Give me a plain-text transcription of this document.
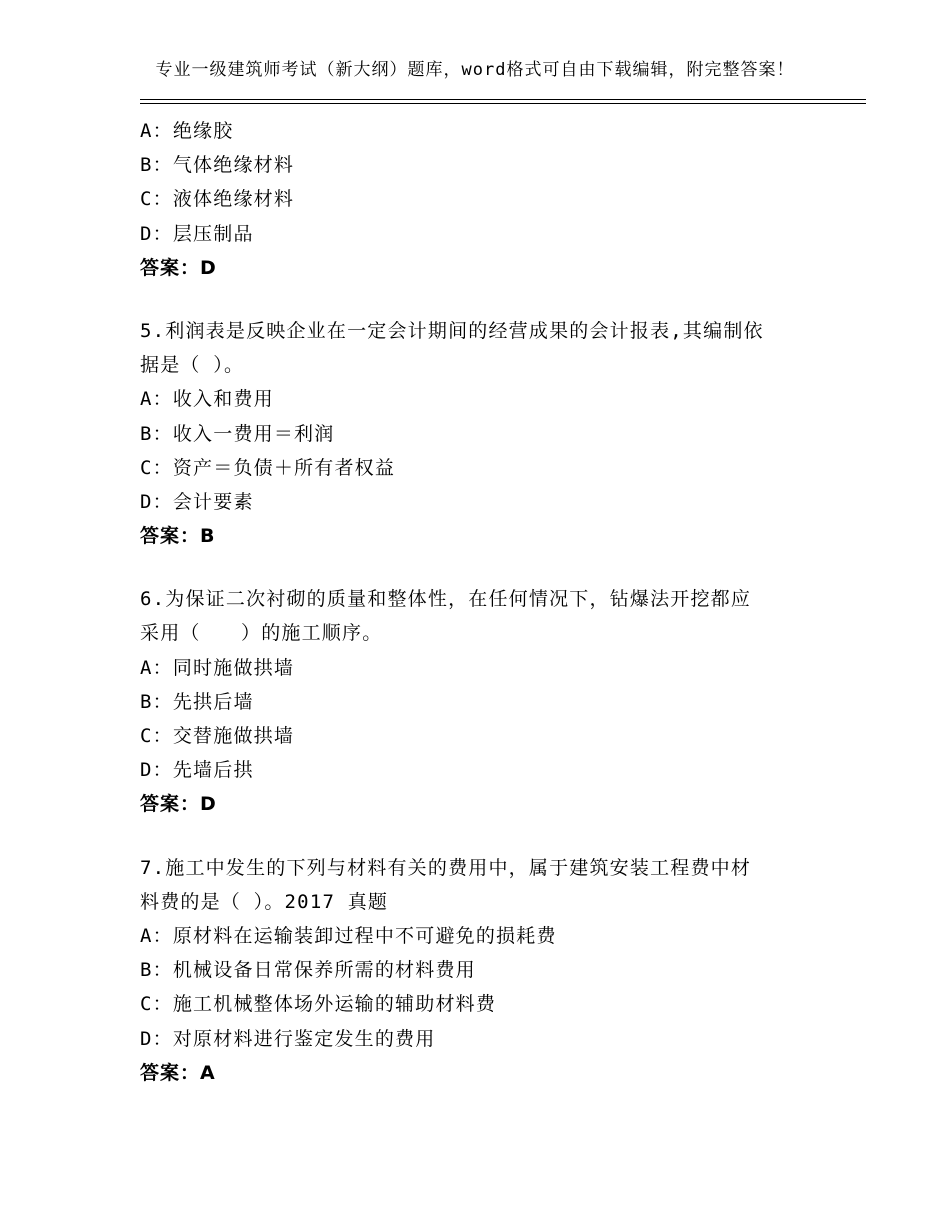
专业一级建筑师考试（新大纲）题库，word格式可自由下载编辑，附完整答案！
A：绝缘胶
B：气体绝缘材料
C：液体绝缘材料
D：层压制品
答案：D
5.利润表是反映企业在一定会计期间的经营成果的会计报表,其编制依
据是（ ）。
A：收入和费用
B：收入一费用＝利润
C：资产＝负债＋所有者权益
D：会计要素
答案：B
6.为保证二次衬砌的质量和整体性，在任何情况下，钻爆法开挖都应
采用（　　）的施工顺序。
A：同时施做拱墙
B：先拱后墙
C：交替施做拱墙
D：先墙后拱
答案：D
7.施工中发生的下列与材料有关的费用中，属于建筑安装工程费中材
料费的是（ ）。2017 真题
A：原材料在运输装卸过程中不可避免的损耗费
B：机械设备日常保养所需的材料费用
C：施工机械整体场外运输的辅助材料费
D：对原材料进行鉴定发生的费用
答案：A
